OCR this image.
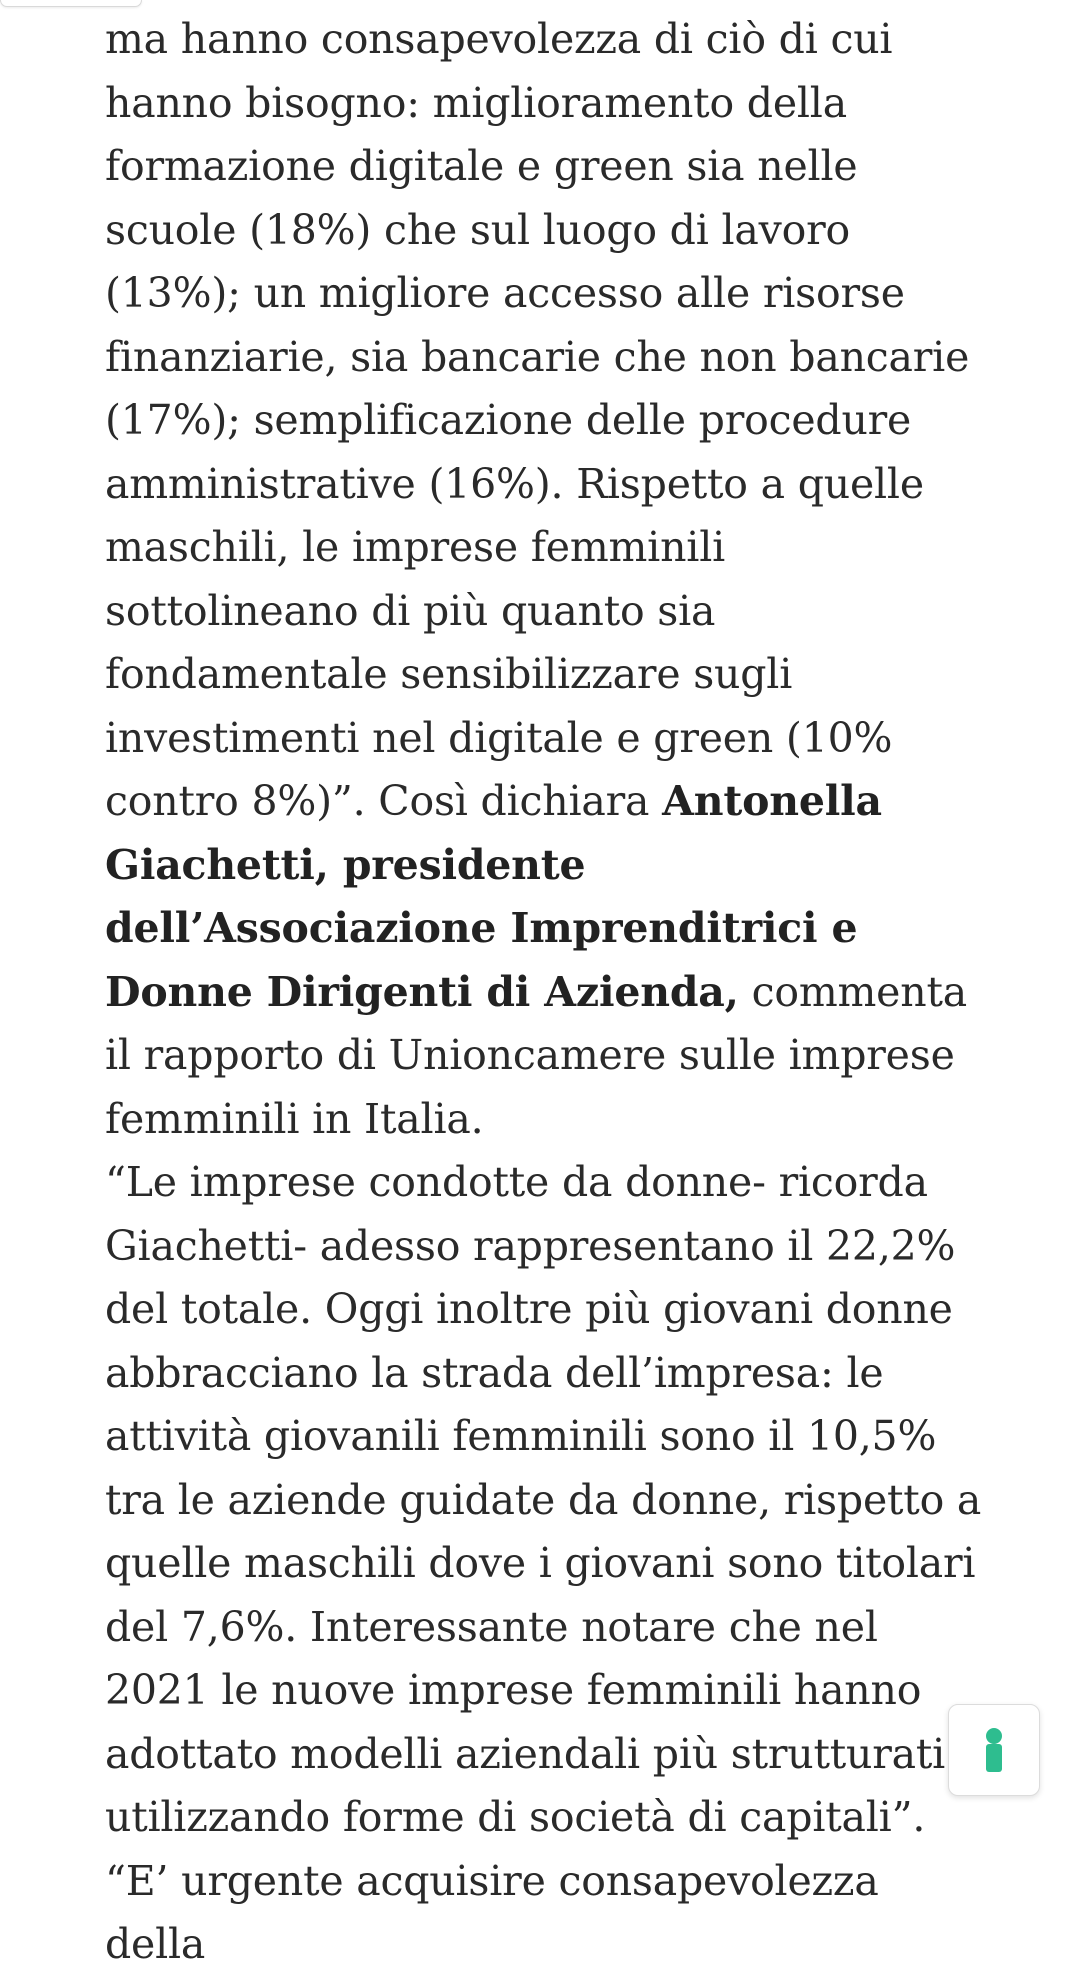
ma hanno consapevolezza di ciò di cui hanno bisogno: miglioramento della formazione digitale e green sia nelle scuole (18%) che sul luogo di lavoro (13%); un migliore accesso alle risorse finanziarie, sia bancarie che non bancarie (17%); semplificazione delle procedure amministrative (16%). Rispetto a quelle maschili, le imprese femminili sottolineano di più quanto sia fondamentale sensibilizzare sugli investimenti nel digitale e green (10% contro 8%)”. Così dichiara Antonella Giachetti, presidente dell’Associazione Imprenditrici e Donne Dirigenti di Azienda, commenta il rapporto di Unioncamere sulle imprese femminili in Italia.

“Le imprese condotte da donne- ricorda Giachetti- adesso rappresentano il 22,2% del totale. Oggi inoltre più giovani donne abbracciano la strada dell’impresa: le attività giovanili femminili sono il 10,5% tra le aziende guidate da donne, rispetto a quelle maschili dove i giovani sono titolari del 7,6%. Interessante notare che nel 2021 le nuove imprese femminili hanno adottato modelli aziendali più strutturati utilizzando forme di società di capitali”.

“E’ urgente acquisire consapevolezza della
